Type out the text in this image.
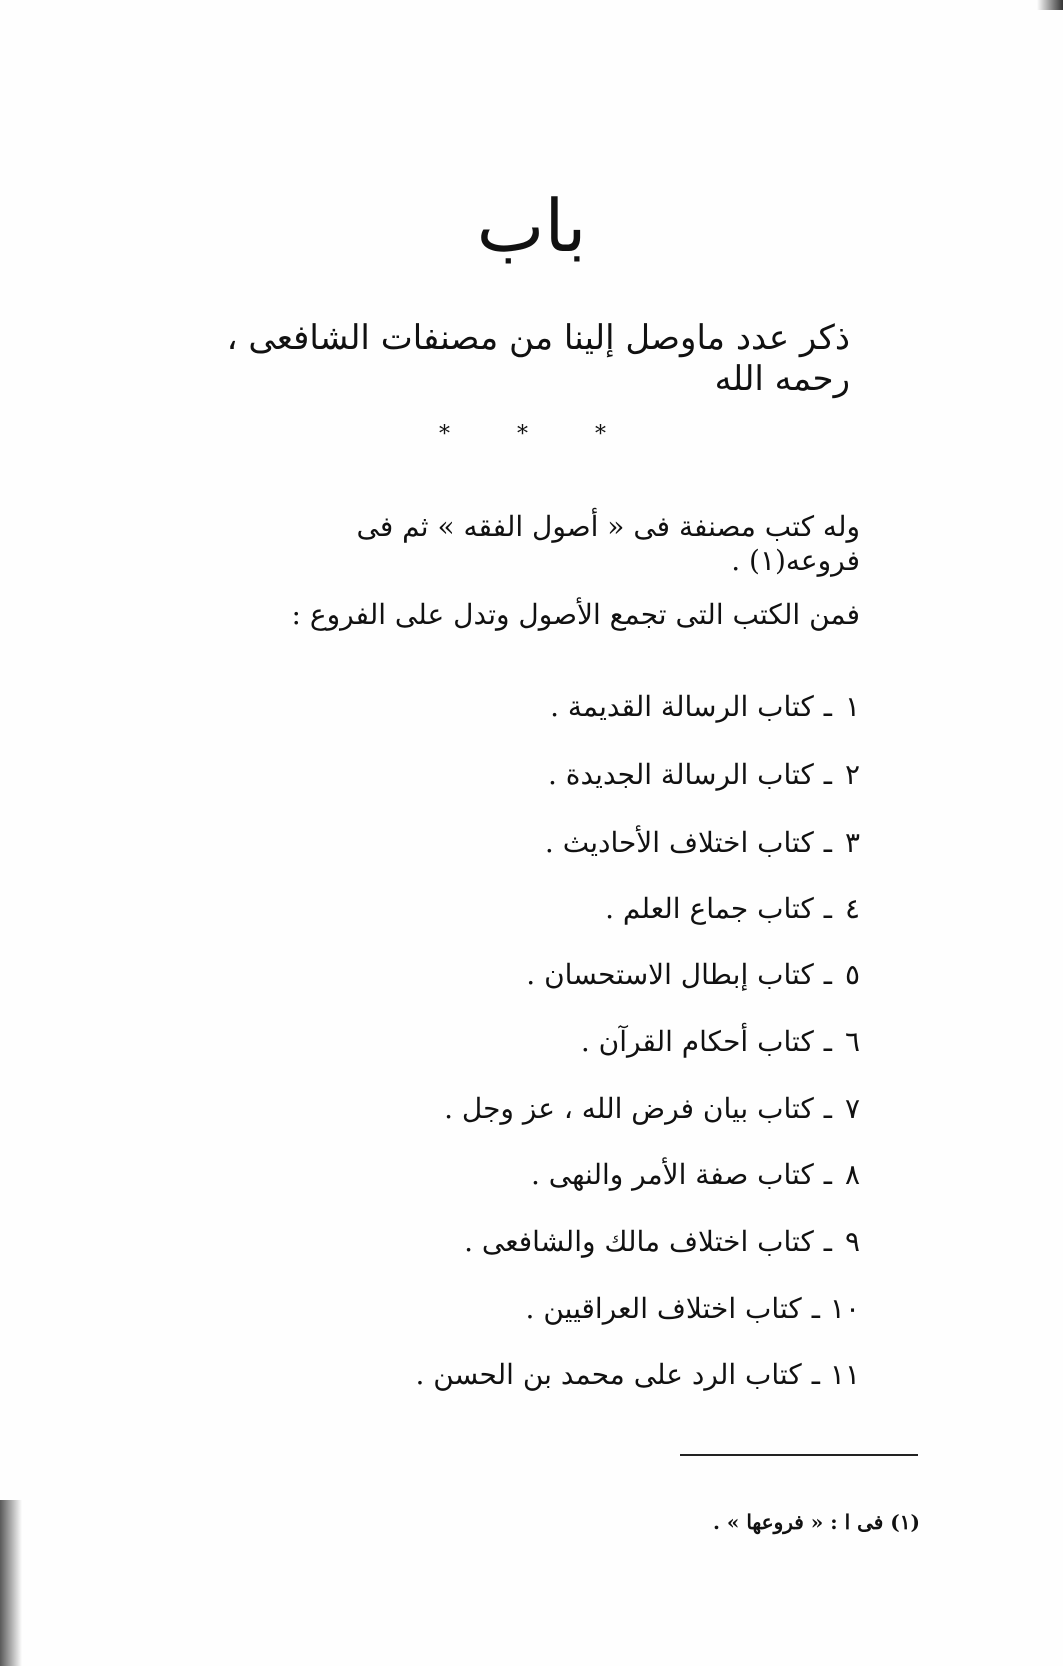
باب
ذكر عدد ماوصل إلينا من مصنفات الشافعى ، رحمه الله
* * *
وله كتب مصنفة فى « أصول الفقه » ثم فى فروعه(١) .
فمن الكتب التى تجمع الأصول وتدل على الفروع :
١ـكتاب الرسالة القديمة .
٢ـكتاب الرسالة الجديدة .
٣ـكتاب اختلاف الأحاديث .
٤ـكتاب جماع العلم .
٥ـكتاب إبطال الاستحسان .
٦ـكتاب أحكام القرآن .
٧ـكتاب بيان فرض الله ، عز وجل .
٨ـكتاب صفة الأمر والنهى .
٩ـكتاب اختلاف مالك والشافعى .
١٠ـكتاب اختلاف العراقيين .
١١ـكتاب الرد على محمد بن الحسن .
(١) فى ا : « فروعها » .
